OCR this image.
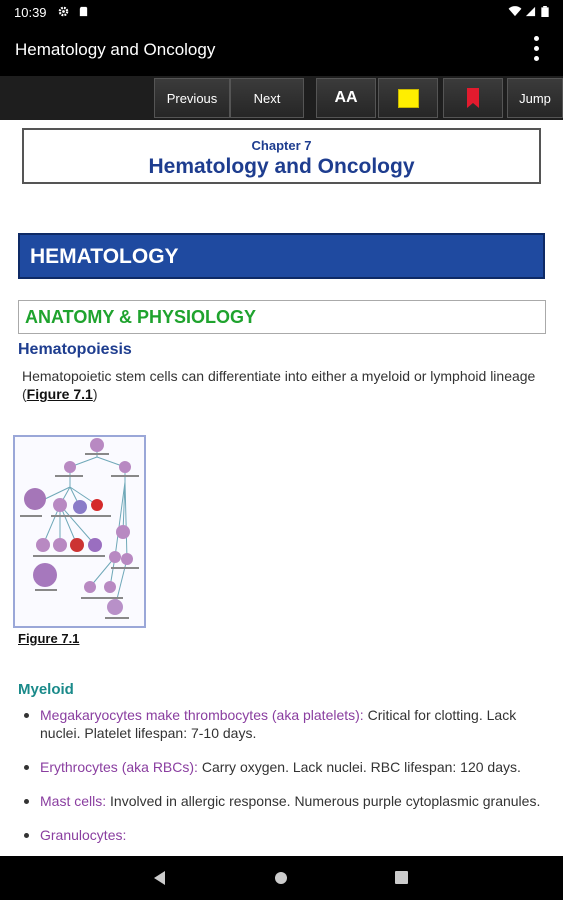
10:39
Hematology and Oncology
Previous	Next	AA	Jump
Chapter 7
Hematology and Oncology
HEMATOLOGY
ANATOMY & PHYSIOLOGY
Hematopoiesis
Hematopoietic stem cells can differentiate into either a myeloid or lymphoid lineage (Figure 7.1)
Figure 7.1
Myeloid
Megakaryocytes make thrombocytes (aka platelets): Critical for clotting. Lack nuclei. Platelet lifespan: 7-10 days.
Erythrocytes (aka RBCs): Carry oxygen. Lack nuclei. RBC lifespan: 120 days.
Mast cells: Involved in allergic response. Numerous purple cytoplasmic granules.
Granulocytes:
